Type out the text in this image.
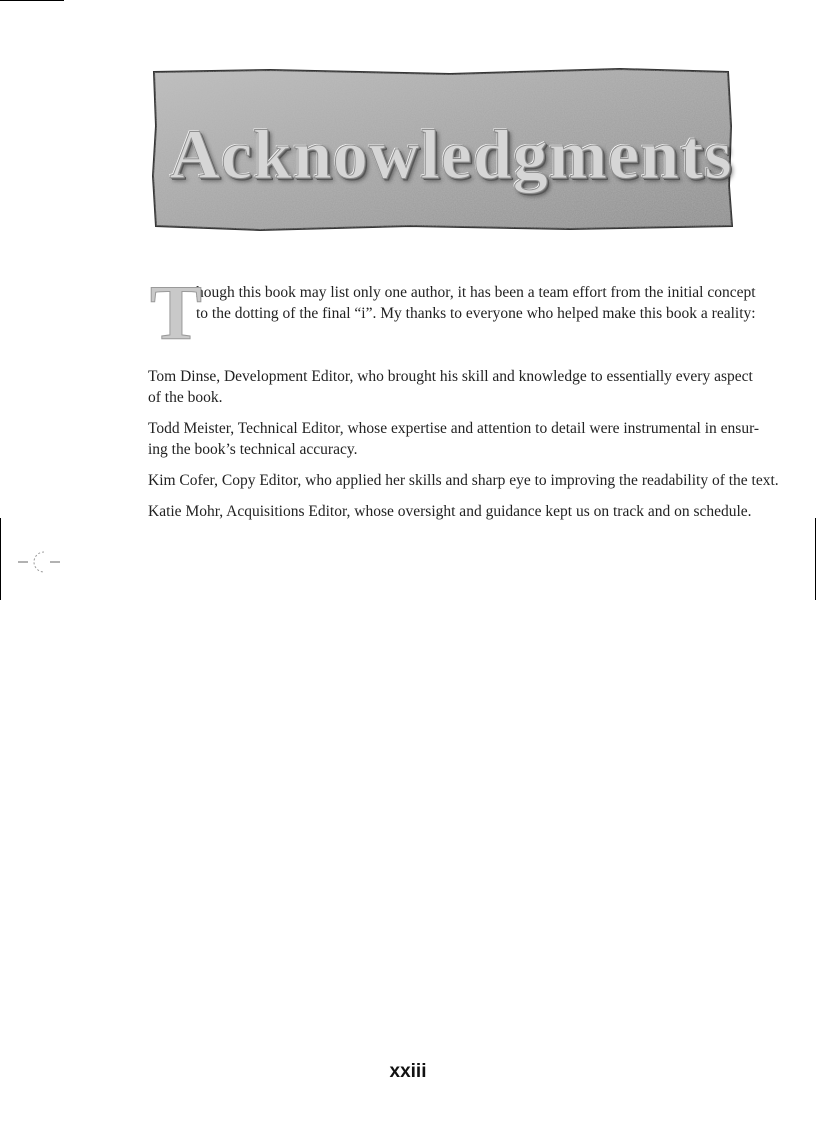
Acknowledgments
T
hough this book may list only one author, it has been a team effort from the initial concept
to the dotting of the final “i”. My thanks to everyone who helped make this book a reality:

Tom Dinse, Development Editor, who brought his skill and knowledge to essentially every aspect
of the book.

Todd Meister, Technical Editor, whose expertise and attention to detail were instrumental in ensur-
ing the book’s technical accuracy.

Kim Cofer, Copy Editor, who applied her skills and sharp eye to improving the readability of the text.

Katie Mohr, Acquisitions Editor, whose oversight and guidance kept us on track and on schedule.

xxiii
